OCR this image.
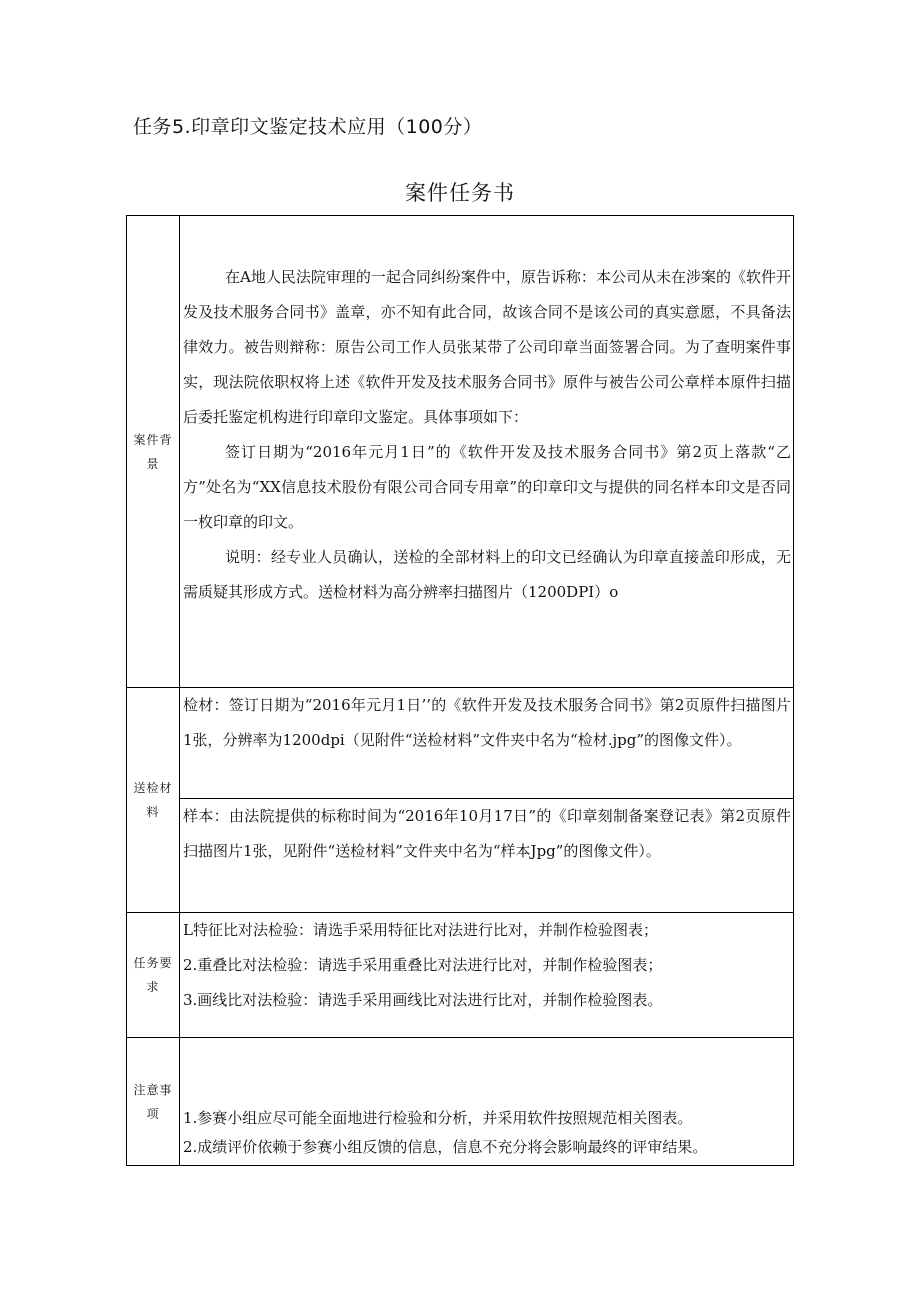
任务5.印章印文鉴定技术应用（100分）
案件任务书
案件背景	在A地人民法院审理的一起合同纠纷案件中，原告诉称：本公司从未在涉案的《软件开发及技术服务合同书》盖章，亦不知有此合同，故该合同不是该公司的真实意愿，不具备法律效力。被告则辩称：原告公司工作人员张某带了公司印章当面签署合同。为了查明案件事实，现法院依职权将上述《软件开发及技术服务合同书》原件与被告公司公章样本原件扫描后委托鉴定机构进行印章印文鉴定。具体事项如下：

签订日期为“2016年元月1日”的《软件开发及技术服务合同书》第2页上落款“乙方”处名为“XX信息技术股份有限公司合同专用章”的印章印文与提供的同名样本印文是否同一枚印章的印文。

说明：经专业人员确认，送检的全部材料上的印文已经确认为印章直接盖印形成，无需质疑其形成方式。送检材料为高分辨率扫描图片（1200DPI）o

送检材料	检材：签订日期为“2016年元月1日’’的《软件开发及技术服务合同书》第2页原件扫描图片1张，分辨率为1200dpi（见附件“送检材料”文件夹中名为“检材.jpg”的图像文件）。

	样本：由法院提供的标称时间为“2016年10月17日”的《印章刻制备案登记表》第2页原件扫描图片1张，见附件“送检材料”文件夹中名为“样本Jpg”的图像文件）。

任务要求	L特征比对法检验：请选手采用特征比对法进行比对，并制作检验图表；

2.重叠比对法检验：请选手采用重叠比对法进行比对，并制作检验图表；

3.画线比对法检验：请选手采用画线比对法进行比对，并制作检验图表。

注意事项	1.参赛小组应尽可能全面地进行检验和分析，并采用软件按照规范相关图表。

2.成绩评价依赖于参赛小组反馈的信息，信息不充分将会影响最终的评审结果。
